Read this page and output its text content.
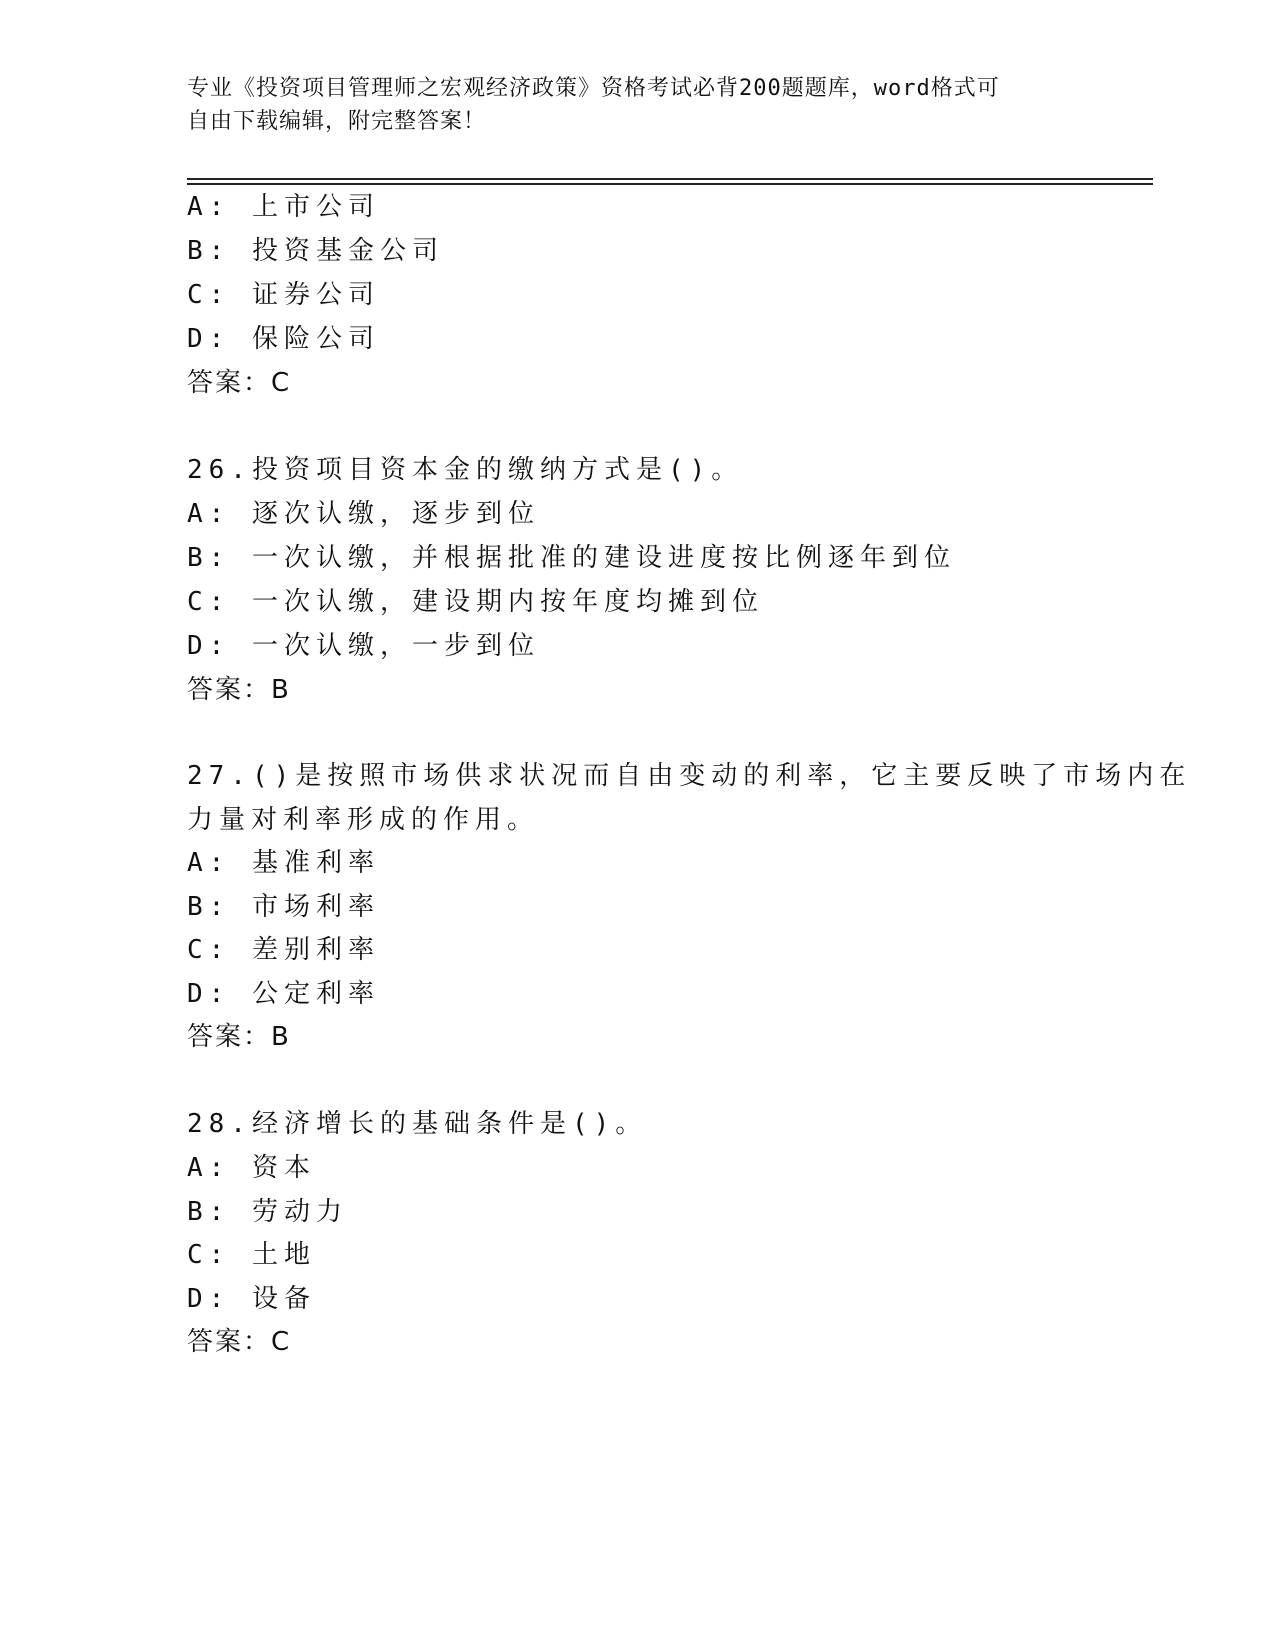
专业《投资项目管理师之宏观经济政策》资格考试必背200题题库，word格式可
自由下载编辑，附完整答案！
A: 上市公司
B: 投资基金公司
C: 证券公司
D: 保险公司
答案：C
26.投资项目资本金的缴纳方式是()。
A: 逐次认缴，逐步到位
B: 一次认缴，并根据批准的建设进度按比例逐年到位
C: 一次认缴，建设期内按年度均摊到位
D: 一次认缴，一步到位
答案：B
27.()是按照市场供求状况而自由变动的利率，它主要反映了市场内在
力量对利率形成的作用。
A: 基准利率
B: 市场利率
C: 差别利率
D: 公定利率
答案：B
28.经济增长的基础条件是()。
A: 资本
B: 劳动力
C: 土地
D: 设备
答案：C
